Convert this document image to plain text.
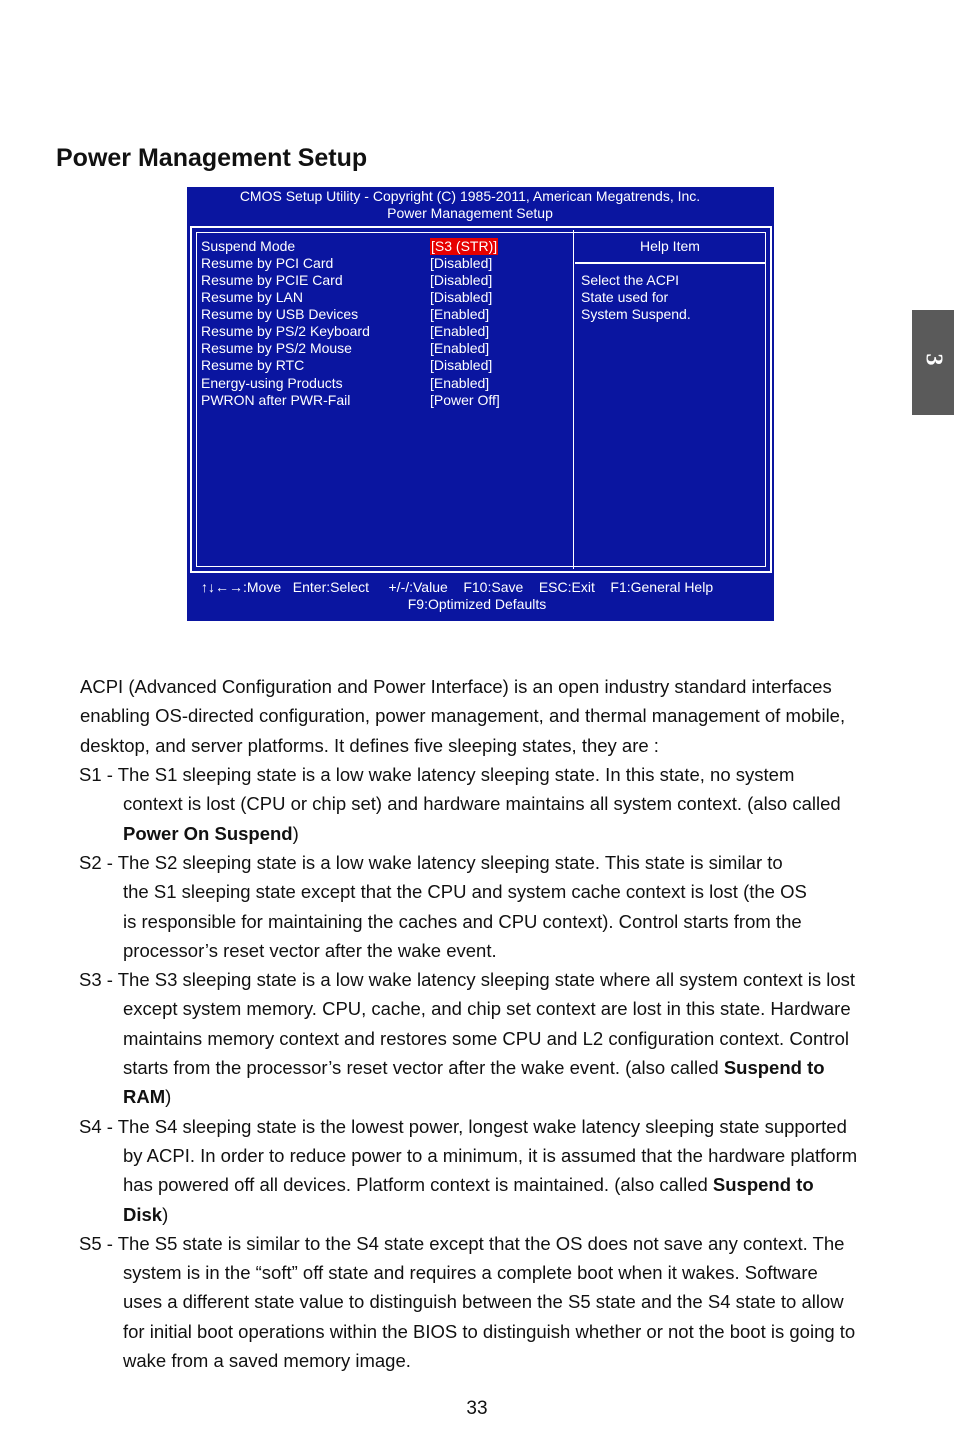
Power Management Setup
3
CMOS Setup Utility - Copyright (C) 1985-2011, American Megatrends, Inc.
Power Management Setup
Suspend Mode	[S3 (STR)]
Resume by PCI Card	[Disabled]
Resume by PCIE Card	[Disabled]
Resume by LAN	[Disabled]
Resume by USB Devices	[Enabled]
Resume by PS/2 Keyboard	[Enabled]
Resume by PS/2 Mouse	[Enabled]
Resume by RTC	[Disabled]
Energy-using Products	[Enabled]
PWRON after PWR-Fail	[Power Off]
Help Item
Select the ACPI
State used for
System Suspend.
↑↓←→:Move   Enter:Select     +/-/:Value    F10:Save    ESC:Exit    F1:General Help
F9:Optimized Defaults
ACPI (Advanced Configuration and Power Interface) is an open industry standard interfaces
enabling OS-directed configuration, power management, and thermal management of mobile,
desktop, and server platforms. It defines five sleeping states, they are :
S1 - The S1 sleeping state is a low wake latency sleeping state. In this state, no system
context is lost (CPU or chip set) and hardware maintains all system context. (also called
Power On Suspend)
S2 - The S2 sleeping state is a low wake latency sleeping state. This state is similar to
the S1 sleeping state except that the CPU and system cache context is lost (the OS
is responsible for maintaining the caches and CPU context). Control starts from the
processor’s reset vector after the wake event.
S3 - The S3 sleeping state is a low wake latency sleeping state where all system context is lost
except system memory. CPU, cache, and chip set context are lost in this state. Hardware
maintains memory context and restores some CPU and L2 configuration context. Control
starts from the processor’s reset vector after the wake event. (also called Suspend to
RAM)
S4 - The S4 sleeping state is the lowest power, longest wake latency sleeping state supported
by ACPI. In order to reduce power to a minimum, it is assumed that the hardware platform
has powered off all devices. Platform context is maintained. (also called Suspend to
Disk)
S5 - The S5 state is similar to the S4 state except that the OS does not save any context. The
system is in the “soft” off state and requires a complete boot when it wakes. Software
uses a different state value to distinguish between the S5 state and the S4 state to allow
for initial boot operations within the BIOS to distinguish whether or not the boot is going to
wake from a saved memory image.
33
